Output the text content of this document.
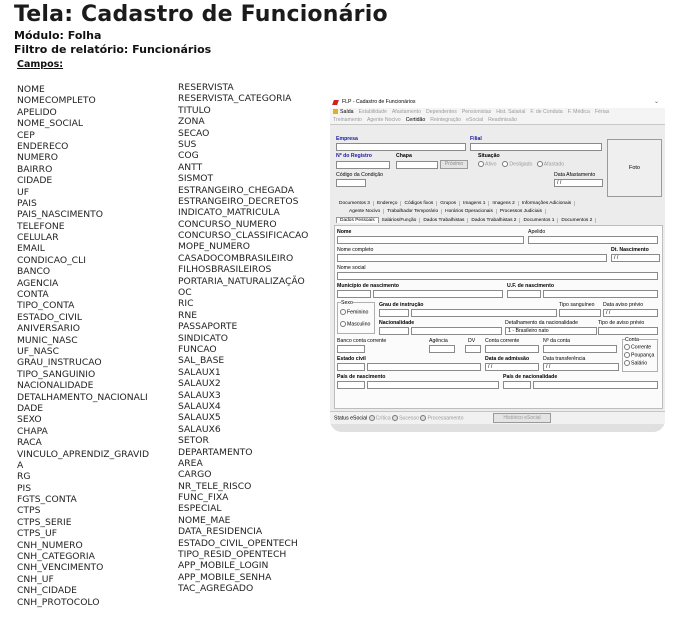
Tela: Cadastro de Funcionário
Módulo: Folha
Filtro de relatório: Funcionários
Campos:
NOME
NOMECOMPLETO
APELIDO
NOME_SOCIAL
CEP
ENDERECO
NUMERO
BAIRRO
CIDADE
UF
PAIS
PAIS_NASCIMENTO
TELEFONE
CELULAR
EMAIL
CONDICAO_CLI
BANCO
AGENCIA
CONTA
TIPO_CONTA
ESTADO_CIVIL
ANIVERSARIO
MUNIC_NASC
UF_NASC
GRAU_INSTRUCAO
TIPO_SANGUINIO
NACIONALIDADE
DETALHAMENTO_NACIONALI
DADE
SEXO
CHAPA
RACA
VINCULO_APRENDIZ_GRAVID
A
RG
PIS
FGTS_CONTA
CTPS
CTPS_SERIE
CTPS_UF
CNH_NUMERO
CNH_CATEGORIA
CNH_VENCIMENTO
CNH_UF
CNH_CIDADE
CNH_PROTOCOLO
RESERVISTA
RESERVISTA_CATEGORIA
TITULO
ZONA
SECAO
SUS
COG
ANTT
SISMOT
ESTRANGEIRO_CHEGADA
ESTRANGEIRO_DECRETOS
INDICATO_MATRICULA
CONCURSO_NUMERO
CONCURSO_CLASSIFICACAO
MOPE_NUMERO
CASADOCOMBRASILEIRO
FILHOSBRASILEIROS
PORTARIA_NATURALIZAÇÃO
OC
RIC
RNE
PASSAPORTE
SINDICATO
FUNCAO
SAL_BASE
SALAUX1
SALAUX2
SALAUX3
SALAUX4
SALAUX5
SALAUX6
SETOR
DEPARTAMENTO
AREA
CARGO
NR_TELE_RISCO
FUNC_FIXA
ESPECIAL
NOME_MAE
DATA_RESIDENCIA
ESTADO_CIVIL_OPENTECH
TIPO_RESID_OPENTECH
APP_MOBILE_LOGIN
APP_MOBILE_SENHA
TAC_AGREGADO
FLP - Cadastro de Funcionários	⌄
Saída Estabilidade Afastamento Dependentes Pensionistas Hist. Salarial F. de Conduta F. Médica Férias
Treinamento Agente Nocivo Certidão Reintegração eSocial Readmissão
Empresa	Filial
Foto
Nº do Registro	Chapa
Próximo
Situação
Ativo Desligado Afastado
Código da Condição	Data Afastamento
/ /
Documentos 3 Endereço Códigos fixos Grupos Imagens 1 Imagens 2 Informações Adicionais
Agente Nocivo Trabalhador Temporário Horários Operacionais Processos Judiciais
Dados Pessoais Salários/Função Dados Trabalhistas Dados Trabalhistas 2 Documentos 1 Documentos 2
Nome	Apelido
Nome completo	Dt. Nascimento
/ /
Nome social
Município de nascimento	U.F. de nascimento
Sexo
Feminino
Masculino
Grau de instrução	Tipo sanguíneo Data aviso prévio
/ /
Nacionalidade	Detalhamento da nacionalidade
1 - Brasileiro nato
Tipo de aviso prévio
Banco conta corrente	Agência	DV Conta corrente	Nº da conta	Conta
Corrente
Poupança
Salário
Estado civil	Data de admissão
/ /
Data transferência
/ /
País de nascimento	País de nacionalidade
Status eSocial Crítica Sucesso Processamento	Histórico eSocial
